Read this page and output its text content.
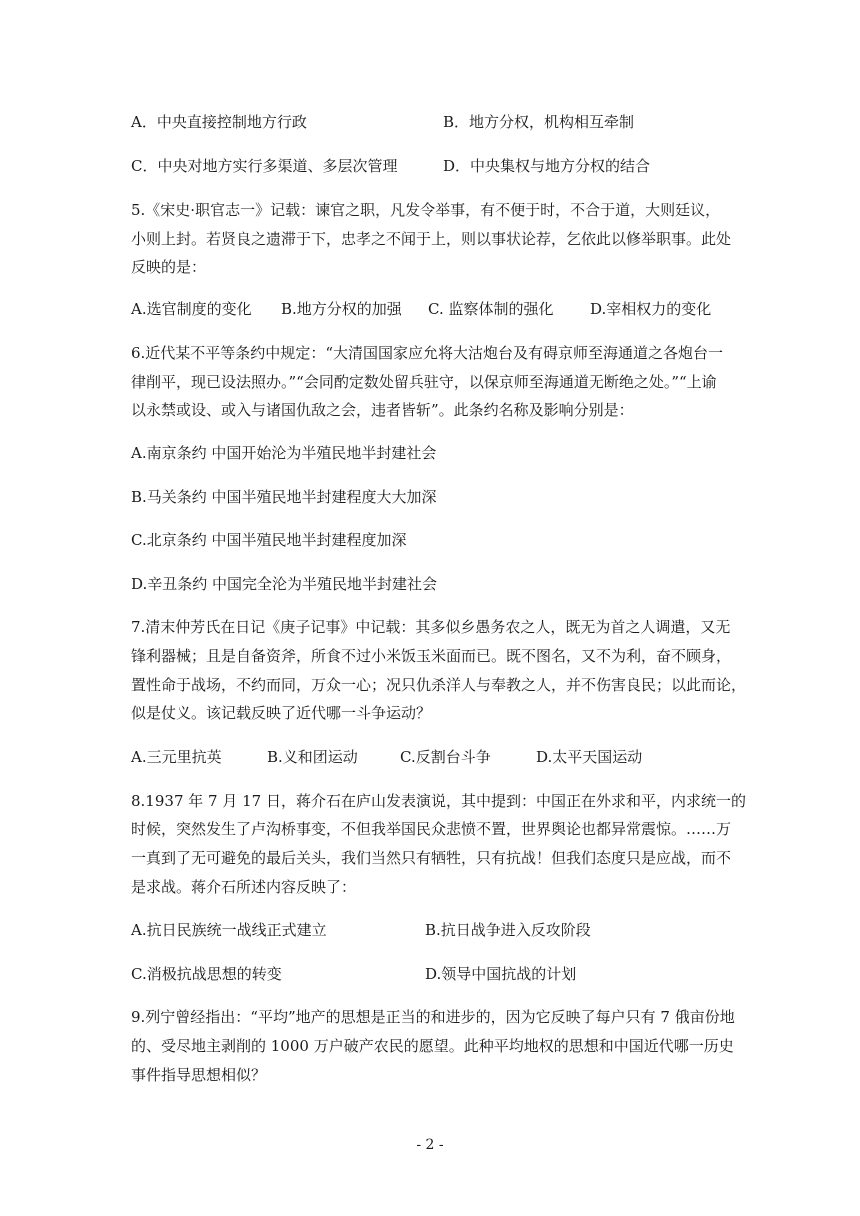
A．中央直接控制地方行政	B．地方分权，机构相互牵制
C．中央对地方实行多渠道、多层次管理	D．中央集权与地方分权的结合
5.《宋史·职官志一》记载：谏官之职，凡发令举事，有不便于时，不合于道，大则廷议，
小则上封。若贤良之遗滞于下，忠孝之不闻于上，则以事状论荐，乞依此以修举职事。此处
反映的是：
A.选官制度的变化 B.地方分权的加强 C. 监察体制的强化 D.宰相权力的变化
6.近代某不平等条约中规定：“大清国国家应允将大沽炮台及有碍京师至海通道之各炮台一
律削平，现已设法照办。”“会同酌定数处留兵驻守，以保京师至海通道无断绝之处。”“上谕
以永禁或设、或入与诸国仇敌之会，违者皆斩”。此条约名称及影响分别是：
A.南京条约 中国开始沦为半殖民地半封建社会
B.马关条约 中国半殖民地半封建程度大大加深
C.北京条约 中国半殖民地半封建程度加深
D.辛丑条约 中国完全沦为半殖民地半封建社会
7.清末仲芳氏在日记《庚子记事》中记载：其多似乡愚务农之人，既无为首之人调遣，又无
锋利器械；且是自备资斧，所食不过小米饭玉米面而已。既不图名，又不为利，奋不顾身，
置性命于战场，不约而同，万众一心；况只仇杀洋人与奉教之人，并不伤害良民；以此而论，
似是仗义。该记载反映了近代哪一斗争运动？
A.三元里抗英	B.义和团运动	C.反割台斗争	D.太平天国运动
8.1937 年 7 月 17 日，蒋介石在庐山发表演说，其中提到：中国正在外求和平，内求统一的
时候，突然发生了卢沟桥事变，不但我举国民众悲愤不置，世界舆论也都异常震惊。……万
一真到了无可避免的最后关头，我们当然只有牺牲，只有抗战！但我们态度只是应战，而不
是求战。蒋介石所述内容反映了：
A.抗日民族统一战线正式建立	B.抗日战争进入反攻阶段
C.消极抗战思想的转变	D.领导中国抗战的计划
9.列宁曾经指出：“平均”地产的思想是正当的和进步的，因为它反映了每户只有 7 俄亩份地
的、受尽地主剥削的 1000 万户破产农民的愿望。此种平均地权的思想和中国近代哪一历史
事件指导思想相似？
- 2 -
